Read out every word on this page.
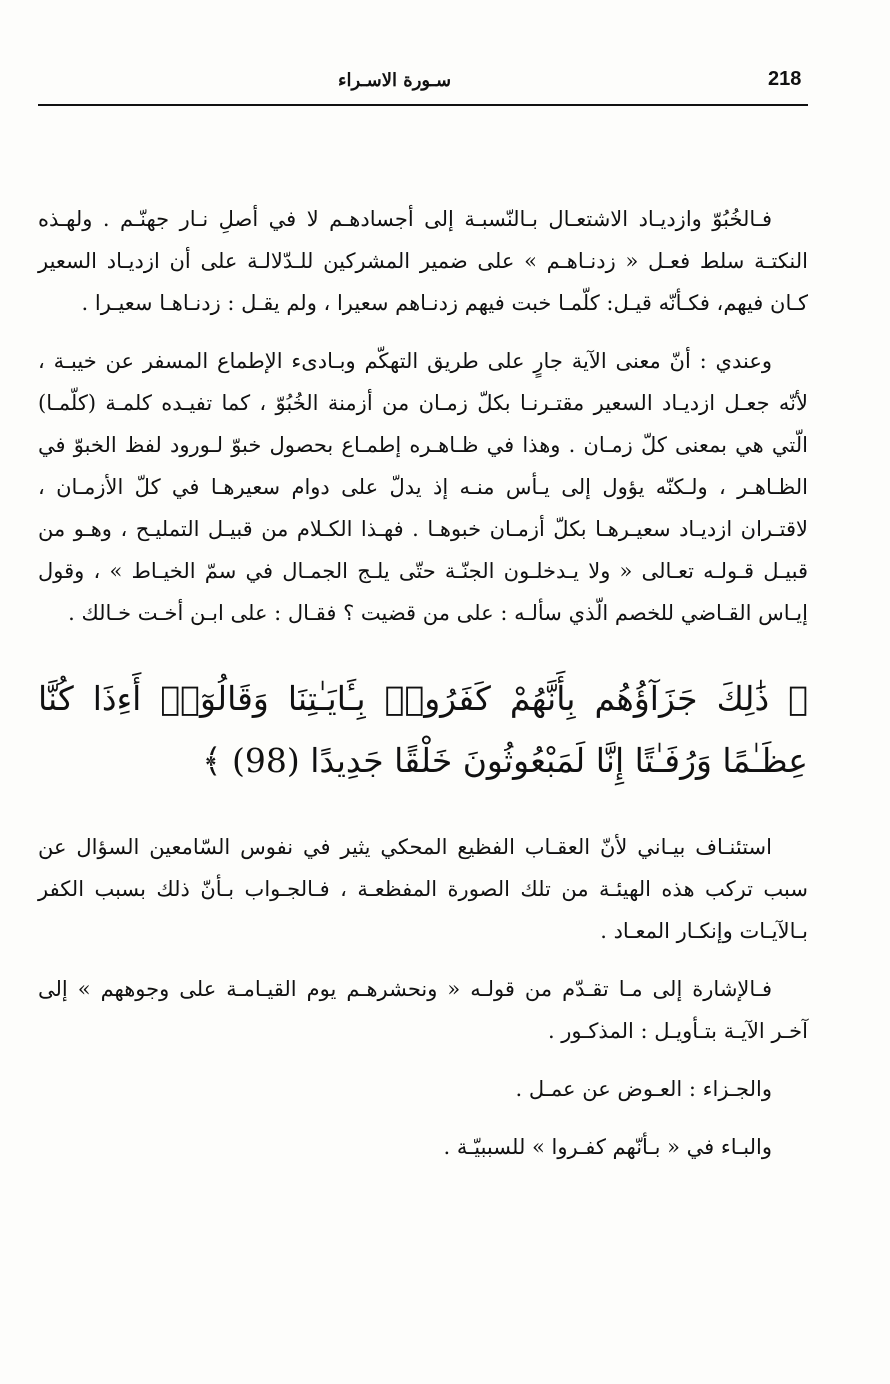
218
سـورة الاسـراء

فـالخُبُوّ وازديـاد الاشتعـال بـالنّسبـة إلى أجسادهـم لا في أصلِ نـار جهنّـم . ولهـذه النكتـة سلط فعـل « زدنـاهـم » على ضمير المشركين للـدّلالـة على أن ازديـاد السعير كـان فيهم، فكـأنّه قيـل: كلّمـا خبت فيهم زدنـاهم سعيرا ، ولم يقـل : زدنـاهـا سعيـرا .

وعندي : أنّ معنى الآية جارٍ على طريق التهكّم وبـادىء الإطماع المسفر عن خيبـة ، لأنّه جعـل ازديـاد السعير مقتـرنـا بكلّ زمـان من أزمنة الخُبُوّ ، كما تفيـده كلمـة (كلّمـا) الّتي هي بمعنى كلّ زمـان . وهذا في ظـاهـره إطمـاع بحصول خبوّ لـورود لفظ الخبوّ في الظـاهـر ، ولـكنّه يؤول إلى يـأس منـه إذ يدلّ على دوام سعيرهـا في كلّ الأزمـان ، لاقتـران ازديـاد سعيـرهـا بكلّ أزمـان خبوهـا . فهـذا الكـلام من قبيـل التمليـح ، وهـو من قبيـل قـولـه تعـالى « ولا يـدخلـون الجنّـة حتّى يلـج الجمـال في سمّ الخيـاط » ، وقول إيـاس القـاضي للخصم الّذي سألـه : على من قضيت ؟ فقـال : على ابـن أخـت خـالك .

﴿ ذَٰلِكَ جَزَآؤُهُم بِأَنَّهُمْ كَفَرُوا۟ بِـَٔايَـٰتِنَا وَقَالُوٓا۟ أَءِذَا كُنَّا عِظَـٰمًا وَرُفَـٰتًا إِنَّا لَمَبْعُوثُونَ خَلْقًا جَدِيدًا (98) ﴾

استئنـاف بيـاني لأنّ العقـاب الفظيع المحكي يثير في نفوس السّامعين السؤال عن سبب تركب هذه الهيئـة من تلك الصورة المفظعـة ، فـالجـواب بـأنّ ذلك بسبب الكفر بـالآيـات وإنكـار المعـاد .

فـالإشارة إلى مـا تقـدّم من قولـه « ونحشرهـم يوم القيـامـة على وجوههم » إلى آخـر الآيـة بتـأويـل : المذكـور .

والجـزاء : العـوض عن عمـل .

والبـاء في « بـأنّهم كفـروا » للسببيّـة .
